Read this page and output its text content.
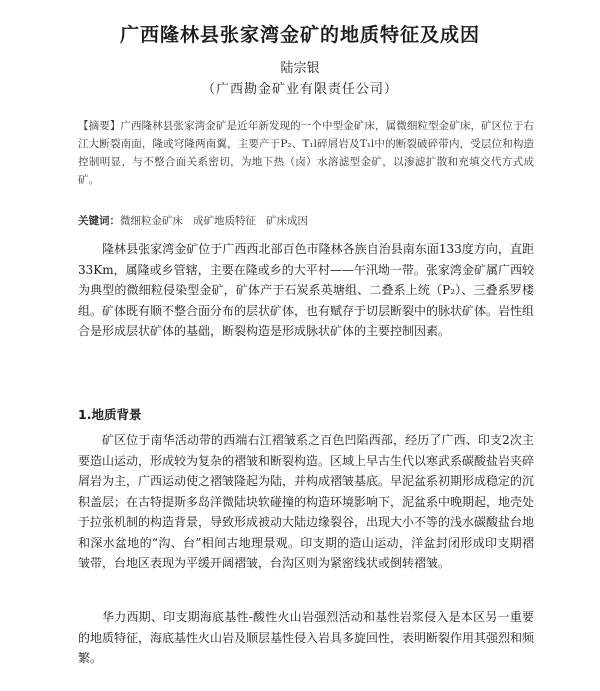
广西隆林县张家湾金矿的地质特征及成因
陆宗银
（广西勘金矿业有限责任公司）
【摘要】广西隆林县张家湾金矿是近年新发现的一个中型金矿床，属微细粒型金矿床，矿区位于右江大断裂南面，隆或穹隆两南翼，主要产于P₂、T₁l碎屑岩及T₁l中的断裂破碎带内，受层位和构造控制明显，与不整合面关系密切，为地下热（卤）水溶滤型金矿，以渗滤扩散和充填交代方式成矿。
关键词：微细粒金矿床 成矿地质特征 矿床成因

隆林县张家湾金矿位于广西西北部百色市隆林各族自治县南东面133度方向，直距33Km，属隆或乡管辖，主要在隆或乡的大平村——午汛坳一带。张家湾金矿属广西较为典型的微细粒侵染型金矿，矿体产于石炭系英塘组、二叠系上统（P₂）、三叠系罗楼组。矿体既有顺不整合面分布的层状矿体，也有赋存于切层断裂中的脉状矿体。岩性组合是形成层状矿体的基础，断裂构造是形成脉状矿体的主要控制因素。

1.地质背景

矿区位于南华活动带的西端右江褶皱系之百色凹陷西部，经历了广西、印支2次主要造山运动，形成较为复杂的褶皱和断裂构造。区域上早古生代以寒武系碳酸盐岩夹碎屑岩为主，广西运动使之褶皱隆起为陆，并构成褶皱基底。早泥盆系初期形成稳定的沉积盖层；在古特提斯多岛洋微陆块软碰撞的构造环境影响下，泥盆系中晚期起，地壳处于拉张机制的构造背景，导致形成被动大陆边缘裂谷，出现大小不等的浅水碳酸盐台地和深水盆地的“沟、台”相间古地理景观。印支期的造山运动，洋盆封闭形成印支期褶皱带，台地区表现为平缓开阔褶皱，台沟区则为紧密线状或倒转褶皱。

华力西期、印支期海底基性-酸性火山岩强烈活动和基性岩浆侵入是本区另一重要的地质特征，海底基性火山岩及顺层基性侵入岩具多旋回性，表明断裂作用其强烈和频繁。
